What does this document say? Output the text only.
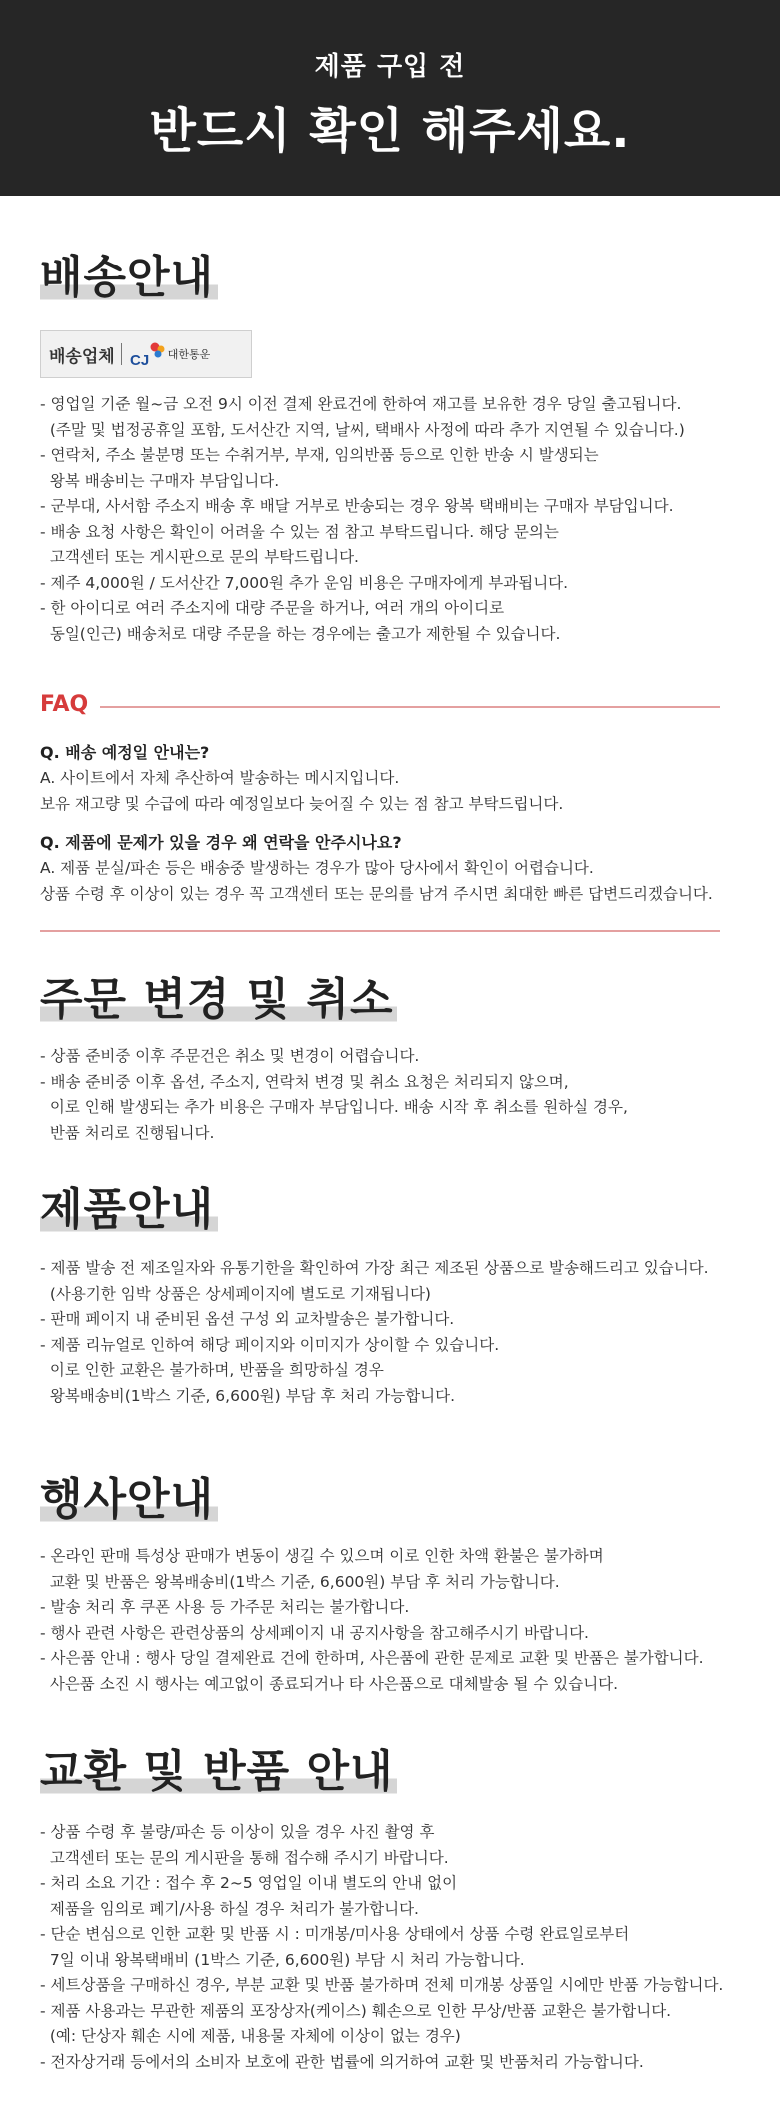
제품 구입 전
반드시 확인 해주세요.
배송안내
배송업체 CJ 대한통운
- 영업일 기준 월~금 오전 9시 이전 결제 완료건에 한하여 재고를 보유한 경우 당일 출고됩니다.
(주말 및 법정공휴일 포함, 도서산간 지역, 날씨, 택배사 사정에 따라 추가 지연될 수 있습니다.)
- 연락처, 주소 불분명 또는 수취거부, 부재, 임의반품 등으로 인한 반송 시 발생되는
왕복 배송비는 구매자 부담입니다.
- 군부대, 사서함 주소지 배송 후 배달 거부로 반송되는 경우 왕복 택배비는 구매자 부담입니다.
- 배송 요청 사항은 확인이 어려울 수 있는 점 참고 부탁드립니다. 해당 문의는
고객센터 또는 게시판으로 문의 부탁드립니다.
- 제주 4,000원 / 도서산간 7,000원 추가 운임 비용은 구매자에게 부과됩니다.
- 한 아이디로 여러 주소지에 대량 주문을 하거나, 여러 개의 아이디로
동일(인근) 배송처로 대량 주문을 하는 경우에는 출고가 제한될 수 있습니다.
FAQ
Q. 배송 예정일 안내는?
A. 사이트에서 자체 추산하여 발송하는 메시지입니다.
보유 재고량 및 수급에 따라 예정일보다 늦어질 수 있는 점 참고 부탁드립니다.
Q. 제품에 문제가 있을 경우 왜 연락을 안주시나요?
A. 제품 분실/파손 등은 배송중 발생하는 경우가 많아 당사에서 확인이 어렵습니다.
상품 수령 후 이상이 있는 경우 꼭 고객센터 또는 문의를 남겨 주시면 최대한 빠른 답변드리겠습니다.
주문 변경 및 취소
- 상품 준비중 이후 주문건은 취소 및 변경이 어렵습니다.
- 배송 준비중 이후 옵션, 주소지, 연락처 변경 및 취소 요청은 처리되지 않으며,
이로 인해 발생되는 추가 비용은 구매자 부담입니다. 배송 시작 후 취소를 원하실 경우,
반품 처리로 진행됩니다.
제품안내
- 제품 발송 전 제조일자와 유통기한을 확인하여 가장 최근 제조된 상품으로 발송해드리고 있습니다.
(사용기한 임박 상품은 상세페이지에 별도로 기재됩니다)
- 판매 페이지 내 준비된 옵션 구성 외 교차발송은 불가합니다.
- 제품 리뉴얼로 인하여 해당 페이지와 이미지가 상이할 수 있습니다.
이로 인한 교환은 불가하며, 반품을 희망하실 경우
왕복배송비(1박스 기준, 6,600원) 부담 후 처리 가능합니다.
행사안내
- 온라인 판매 특성상 판매가 변동이 생길 수 있으며 이로 인한 차액 환불은 불가하며
교환 및 반품은 왕복배송비(1박스 기준, 6,600원) 부담 후 처리 가능합니다.
- 발송 처리 후 쿠폰 사용 등 가주문 처리는 불가합니다.
- 행사 관련 사항은 관련상품의 상세페이지 내 공지사항을 참고해주시기 바랍니다.
- 사은품 안내 : 행사 당일 결제완료 건에 한하며, 사은품에 관한 문제로 교환 및 반품은 불가합니다.
사은품 소진 시 행사는 예고없이 종료되거나 타 사은품으로 대체발송 될 수 있습니다.
교환 및 반품 안내
- 상품 수령 후 불량/파손 등 이상이 있을 경우 사진 촬영 후
고객센터 또는 문의 게시판을 통해 접수해 주시기 바랍니다.
- 처리 소요 기간 : 접수 후 2~5 영업일 이내 별도의 안내 없이
제품을 임의로 폐기/사용 하실 경우 처리가 불가합니다.
- 단순 변심으로 인한 교환 및 반품 시 : 미개봉/미사용 상태에서 상품 수령 완료일로부터
7일 이내 왕복택배비 (1박스 기준, 6,600원) 부담 시 처리 가능합니다.
- 세트상품을 구매하신 경우, 부분 교환 및 반품 불가하며 전체 미개봉 상품일 시에만 반품 가능합니다.
- 제품 사용과는 무관한 제품의 포장상자(케이스) 훼손으로 인한 무상/반품 교환은 불가합니다.
(예: 단상자 훼손 시에 제품, 내용물 자체에 이상이 없는 경우)
- 전자상거래 등에서의 소비자 보호에 관한 법률에 의거하여 교환 및 반품처리 가능합니다.
